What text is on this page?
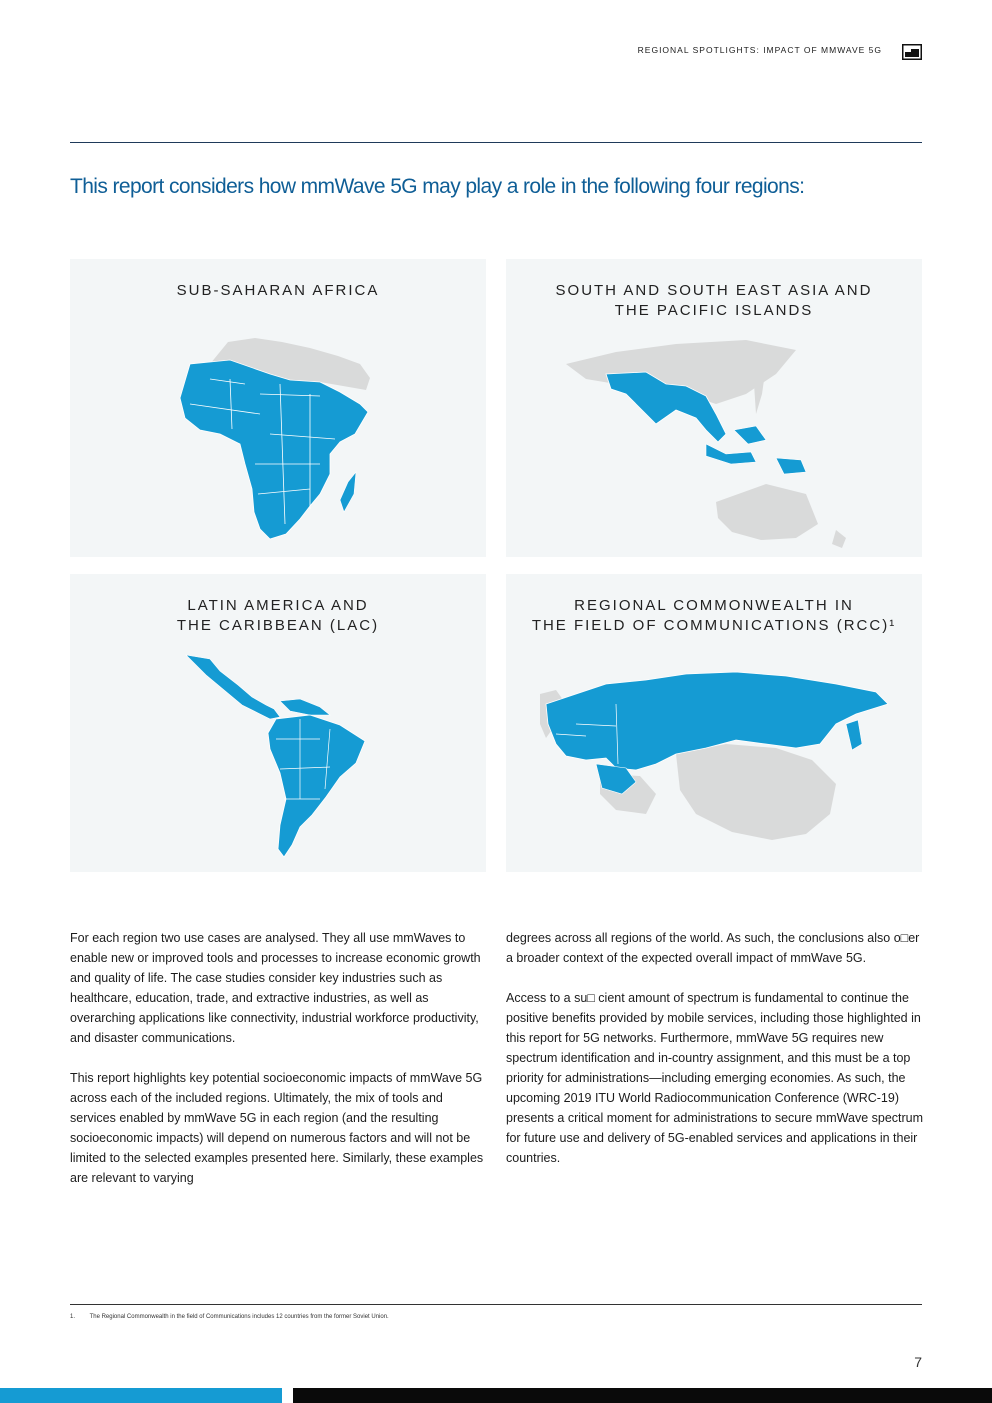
REGIONAL SPOTLIGHTS: IMPACT OF MMWAVE 5G
This report considers how mmWave 5G may play a role in the following four regions:
SUB-SAHARAN AFRICA	SOUTH AND SOUTH EAST ASIA AND
THE PACIFIC ISLANDS
LATIN AMERICA AND
THE CARIBBEAN (LAC)
REGIONAL COMMONWEALTH IN
THE FIELD OF COMMUNICATIONS (RCC)¹

For each region two use cases are analysed. They all use mmWaves to enable new or improved tools and processes to increase economic growth and quality of life. The case studies consider key industries such as healthcare, education, trade, and extractive industries, as well as overarching applications like connectivity, industrial workforce productivity, and disaster communications.

This report highlights key potential socioeconomic impacts of mmWave 5G across each of the included regions. Ultimately, the mix of tools and services enabled by mmWave 5G in each region (and the resulting socioeconomic impacts) will depend on numerous factors and will not be limited to the selected examples presented here. Similarly, these examples are relevant to varying

degrees across all regions of the world. As such, the conclusions also o□er a broader context of the expected overall impact of mmWave 5G.

Access to a su□ cient amount of spectrum is fundamental to continue the positive benefits provided by mobile services, including those highlighted in this report for 5G networks. Furthermore, mmWave 5G requires new spectrum identification and in-country assignment, and this must be a top priority for administrations—including emerging economies. As such, the upcoming 2019 ITU World Radiocommunication Conference (WRC-19) presents a critical moment for administrations to secure mmWave spectrum for future use and delivery of 5G-enabled services and applications in their countries.

1. The Regional Commonwealth in the field of Communications includes 12 countries from the former Soviet Union.
7
